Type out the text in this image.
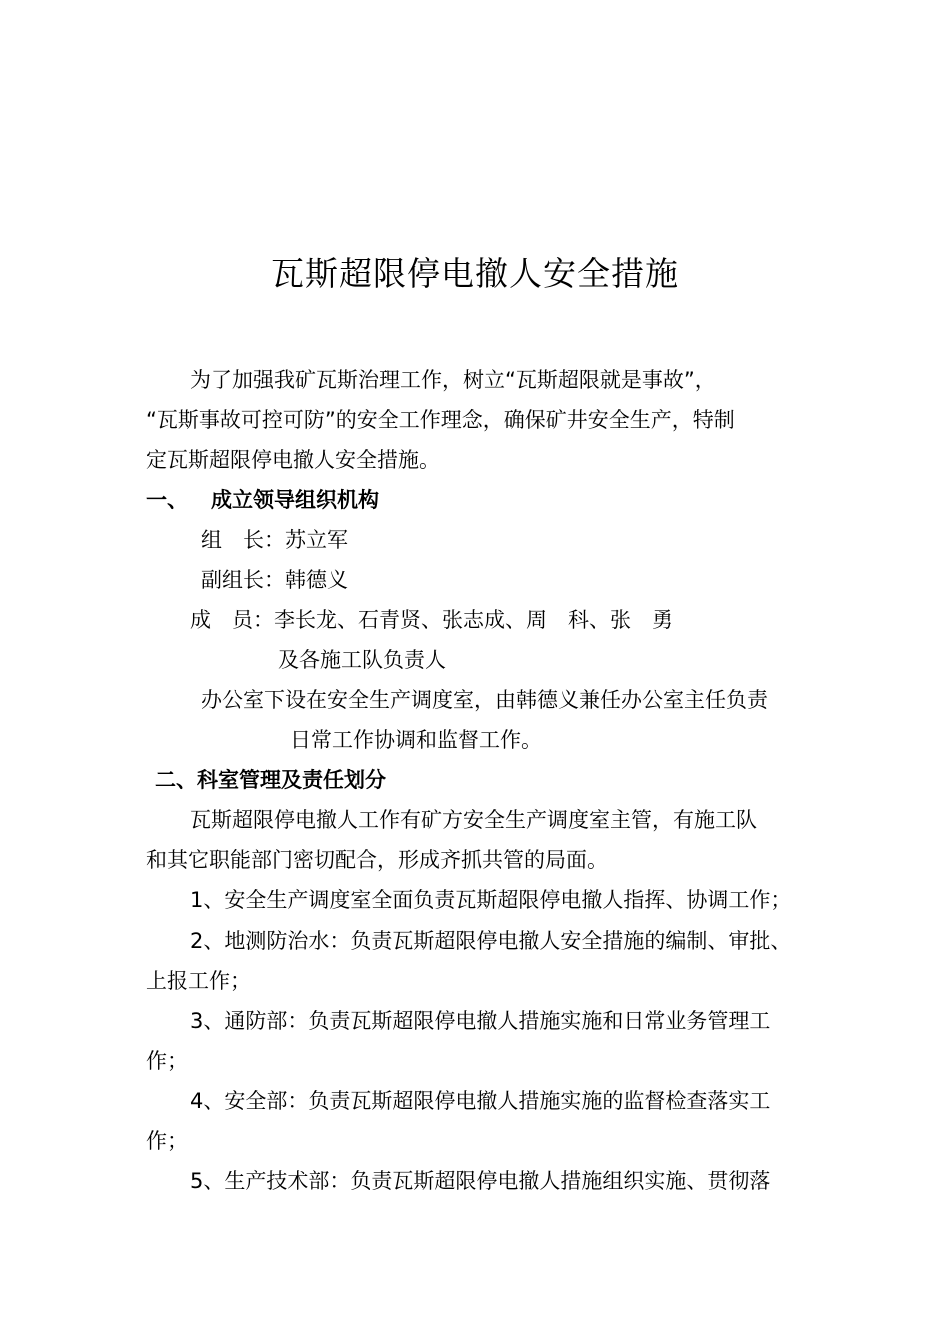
瓦斯超限停电撤人安全措施
为了加强我矿瓦斯治理工作，树立“瓦斯超限就是事故”，
“瓦斯事故可控可防”的安全工作理念，确保矿井安全生产，特制
定瓦斯超限停电撤人安全措施。
一、 成立领导组织机构
组　长：苏立军
副组长：韩德义
成　员：李长龙、石青贤、张志成、周　科、张　勇
及各施工队负责人
办公室下设在安全生产调度室，由韩德义兼任办公室主任负责
日常工作协调和监督工作。
二、科室管理及责任划分
瓦斯超限停电撤人工作有矿方安全生产调度室主管，有施工队
和其它职能部门密切配合，形成齐抓共管的局面。
1、安全生产调度室全面负责瓦斯超限停电撤人指挥、协调工作；
2、地测防治水：负责瓦斯超限停电撤人安全措施的编制、审批、
上报工作；
3、通防部：负责瓦斯超限停电撤人措施实施和日常业务管理工
作；
4、安全部：负责瓦斯超限停电撤人措施实施的监督检查落实工
作；
5、生产技术部：负责瓦斯超限停电撤人措施组织实施、贯彻落
